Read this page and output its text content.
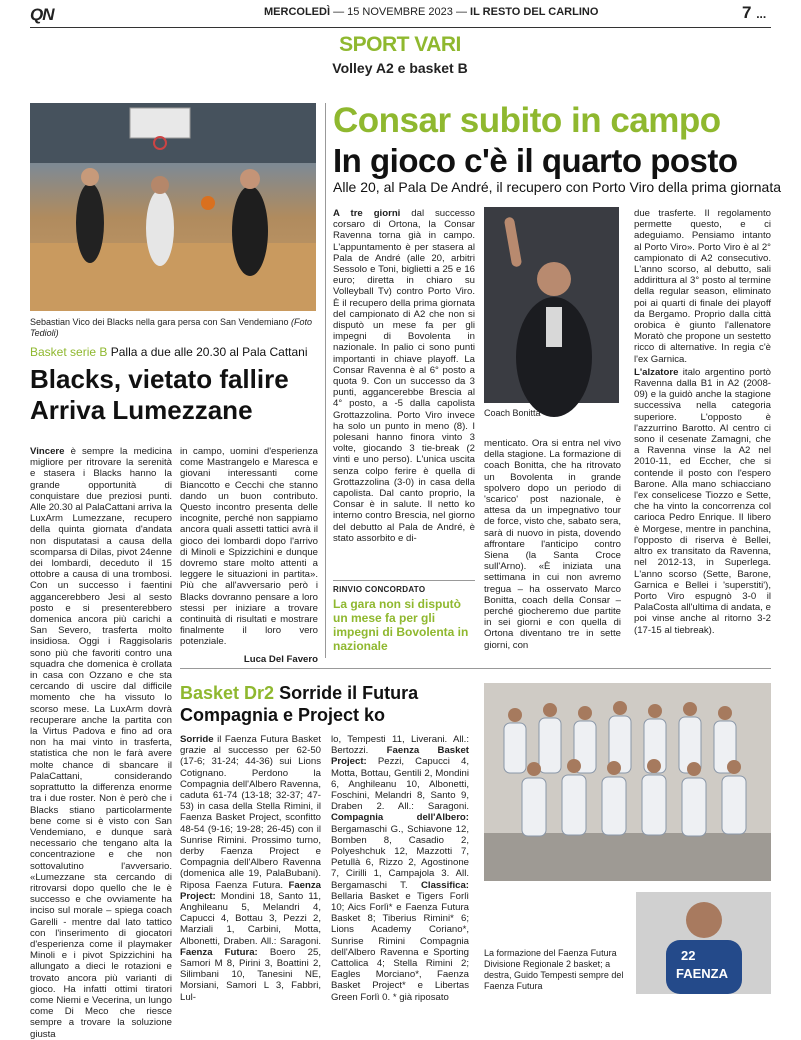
QN	MERCOLEDÌ — 15 NOVEMBRE 2023 — IL RESTO DEL CARLINO	7 ...
SPORT VARI
Volley A2 e basket B
Sebastian Vico dei Blacks nella gara persa con San Vendemiano (Foto Tedioli)
Basket serie B Palla a due alle 20.30 al Pala Cattani
Blacks, vietato fallire
Arriva Lumezzane
Vincere è sempre la medicina migliore per ritrovare la serenità e stasera i Blacks hanno la grande opportunità di conquistare due preziosi punti. Alle 20.30 al PalaCattani arriva la LuxArm Lumezzane, recupero della quinta giornata d'andata non disputatasi a causa della scomparsa di Dilas, pivot 24enne dei lombardi, deceduto il 15 ottobre a causa di una trombosi. Con un successo i faentini aggancerebbero Jesi al sesto posto e si presenterebbero domenica ancora più carichi a San Severo, trasferta molto insidiosa. Oggi i Raggisolaris sono più che favoriti contro una squadra che domenica è crollata in casa con Ozzano e che sta cercando di uscire dal difficile momento che ha vissuto lo scorso mese. La LuxArm dovrà recuperare anche la partita con la Virtus Padova e fino ad ora non ha mai vinto in trasferta, statistica che non le farà avere molte chance di sbancare il PalaCattani, considerando soprattutto la differenza enorme tra i due roster. Non è però che i Blacks stiano particolarmente bene come si è visto con San Vendemiano, e dunque sarà necessario che tengano alta la concentrazione e che non sottovalutino l'avversario. «Lumezzane sta cercando di ritrovarsi dopo quello che le è successo e che ovviamente ha inciso sul morale – spiega coach Garelli - mentre dal lato tattico con l'inserimento di giocatori d'esperienza come il playmaker Minoli e i pivot Spizzichini ha allungato a dieci le rotazioni e trovato ancora più varianti di gioco. Ha infatti ottimi tiratori come Niemi e Vecerina, un lungo come Di Meco che riesce sempre a trovare la soluzione giusta
in campo, uomini d'esperienza come Mastrangelo e Maresca e giovani interessanti come Biancotto e Cecchi che stanno dando un buon contributo. Questo incontro presenta delle incognite, perché non sappiamo ancora quali assetti tattici avrà il gioco dei lombardi dopo l'arrivo di Minoli e Spizzichini e dunque dovremo stare molto attenti a leggere le situazioni in partita». Più che all'avversario però i Blacks dovranno pensare a loro stessi per iniziare a trovare continuità di risultati e mostrare finalmente il loro vero potenziale.
Luca Del Favero
Consar subito in campo
In gioco c'è il quarto posto
Alle 20, al Pala De André, il recupero con Porto Viro della prima giornata
A tre giorni dal successo corsaro di Ortona, la Consar Ravenna torna già in campo. L'appuntamento è per stasera al Pala de André (alle 20, arbitri Sessolo e Toni, biglietti a 25 e 16 euro; diretta in chiaro su Volleyball Tv) contro Porto Viro. È il recupero della prima giornata del campionato di A2 che non si disputò un mese fa per gli impegni di Bovolenta in nazionale. In palio ci sono punti importanti in chiave playoff. La Consar Ravenna è al 6° posto a quota 9. Con un successo da 3 punti, aggancerebbe Brescia al 4° posto, a -5 dalla capolista Grottazzolina. Porto Viro invece ha solo un punto in meno (8). I polesani hanno finora vinto 3 volte, giocando 3 tie-break (2 vinti e uno perso). L'unica uscita senza colpo ferire è quella di Grottazzolina (3-0) in casa della capolista. Dal canto proprio, la Consar è in salute. Il netto ko interno contro Brescia, nel giorno del debutto al Pala de André, è stato assorbito e di-
Coach Bonitta
menticato. Ora si entra nel vivo della stagione. La formazione di coach Bonitta, che ha ritrovato un Bovolenta in grande spolvero dopo un periodo di 'scarico' post nazionale, è attesa da un impegnativo tour de force, visto che, sabato sera, sarà di nuovo in pista, dovendo affrontare l'anticipo contro Siena (la Santa Croce sull'Arno). «È iniziata una settimana in cui non avremo tregua – ha osservato Marco Bonitta, coach della Consar – perché giocheremo due partite in sei giorni e con quella di Ortona diventano tre in sette giorni, con
RINVIO CONCORDATO
La gara non si disputò un mese fa per gli impegni di Bovolenta in nazionale
due trasferte. Il regolamento permette questo, e ci adeguiamo. Pensiamo intanto al Porto Viro». Porto Viro è al 2° campionato di A2 consecutivo. L'anno scorso, al debutto, sali addirittura al 3° posto al termine della regular season, eliminato poi ai quarti di finale dei playoff da Bergamo. Proprio dalla città orobica è giunto l'allenatore Moratò che propone un sestetto ricco di alternative. In regia c'è l'ex Garnica.
L'alzatore italo argentino portò Ravenna dalla B1 in A2 (2008-09) e la guidò anche la stagione successiva nella categoria superiore. L'opposto è l'azzurrino Barotto. Al centro ci sono il cesenate Zamagni, che a Ravenna vinse la A2 nel 2010-11, ed Eccher, che si contende il posto con l'espero Barone. Alla mano schiacciano l'ex conselicese Tiozzo e Sette, che ha vinto la concorrenza col carioca Pedro Enrique. Il libero è Morgese, mentre in panchina, l'opposto di riserva è Bellei, altro ex transitato da Ravenna, nel 2012-13, in Superlega. L'anno scorso (Sette, Barone, Garnica e Bellei i 'superstiti'), Porto Viro espugnò 3-0 il PalaCosta all'ultima di andata, e poi vinse anche al ritorno 3-2 (17-15 al tiebreak).
Basket Dr2 Sorride il Futura
Compagnia e Project ko
Sorride il Faenza Futura Basket grazie al successo per 62-50 (17-6; 31-24; 44-36) sui Lions Cotignano. Perdono la Compagnia dell'Albero Ravenna, caduta 61-74 (13-18; 32-37; 47-53) in casa della Stella Rimini, il Faenza Basket Project, sconfitto 48-54 (9-16; 19-28; 26-45) con il Sunrise Rimini. Prossimo turno, derby Faenza Project e Compagnia dell'Albero Ravenna (domenica alle 19, PalaBubani). Riposa Faenza Futura. Faenza Project: Mondini 18, Santo 11, Anghileanu 5, Melandri 4, Capucci 4, Bottau 3, Pezzi 2, Marziali 1, Carbini, Motta, Albonetti, Draben. All.: Saragoni. Faenza Futura: Boero 25, Samori M 8, Pirini 3, Boattini 2, Silimbani 10, Tanesini NE, Morsiani, Samori L 3, Fabbri, Lul-
lo, Tempesti 11, Liverani. All.: Bertozzi. Faenza Basket Project: Pezzi, Capucci 4, Motta, Bottau, Gentili 2, Mondini 6, Anghileanu 10, Albonetti, Foschini, Melandri 8, Santo 9, Draben 2. All.: Saragoni. Compagnia dell'Albero: Bergamaschi G., Schiavone 12, Bomben 8, Casadio 2, Polyeshchuk 12, Mazzotti 7, Petullà 6, Rizzo 2, Agostinone 7, Cirilli 1, Campajola 3. All. Bergamaschi T. Classifica: Bellaria Basket e Tigers Forlì 10; Aics Forlì* e Faenza Futura Basket 8; Tiberius Rimini* 6; Lions Academy Coriano*, Sunrise Rimini Compagnia dell'Albero Ravenna e Sporting Cattolica 4; Stella Rimini 2; Eagles Morciano*, Faenza Basket Project* e Libertas Green Forlì 0. * già riposato
La formazione del Faenza Futura Divisione Regionale 2 basket; a destra, Guido Tempesti sempre del Faenza Futura
22
FAENZA
